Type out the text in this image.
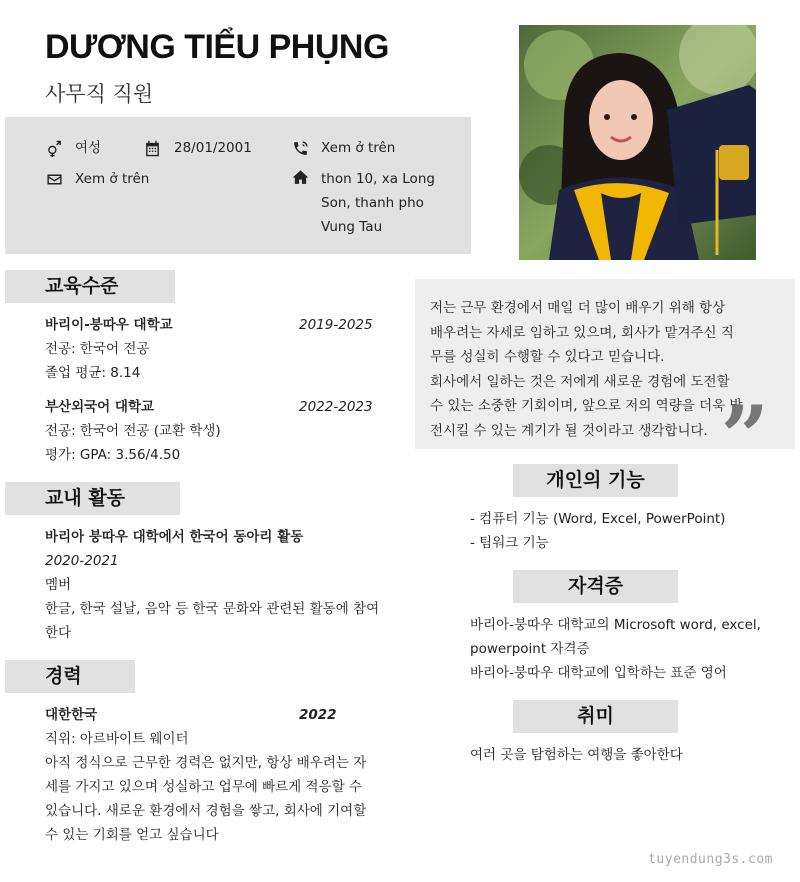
DƯƠNG TIỂU PHỤNG
사무직 직원
여성	28/01/2001	Xem ở trên
Xem ở trên	thon 10, xa Long
Son, thanh pho
Vung Tau
교육수준
바리이-붕따우 대학교	2019-2025
전공: 한국어 전공
졸업 평균: 8.14
부산외국어 대학교	2022-2023
전공: 한국어 전공 (교환 학생)
평가: GPA: 3.56/4.50
교내 활동
바리아 붕따우 대학에서 한국어 동아리 활동
2020-2021
멤버
한글, 한국 설날, 음악 등 한국 문화와 관련된 활동에 참여
한다
경력
대한한국	2022
직위: 아르바이트 웨이터
아직 정식으로 근무한 경력은 없지만, 항상 배우려는 자
세를 가지고 있으며 성실하고 업무에 빠르게 적응할 수
있습니다. 새로운 환경에서 경험을 쌓고, 회사에 기여할
수 있는 기회를 얻고 싶습니다

저는 근무 환경에서 매일 더 많이 배우기 위해 항상

배우려는 자세로 임하고 있으며, 회사가 맡겨주신 직

무를 성실히 수행할 수 있다고 믿습니다.

회사에서 일하는 것은 저에게 새로운 경험에 도전할

수 있는 소중한 기회이며, 앞으로 저의 역량을 더욱 발

전시킬 수 있는 계기가 될 것이라고 생각합니다. ”
개인의 기능
- 컴퓨터 기능 (Word, Excel, PowerPoint)
- 팀워크 기능
자격증
바리아-붕따우 대학교의 Microsoft word, excel,
powerpoint 자격증
바리아-붕따우 대학교에 입학하는 표준 영어
취미
여러 곳을 탐험하는 여행을 좋아한다
tuyendung3s.com
